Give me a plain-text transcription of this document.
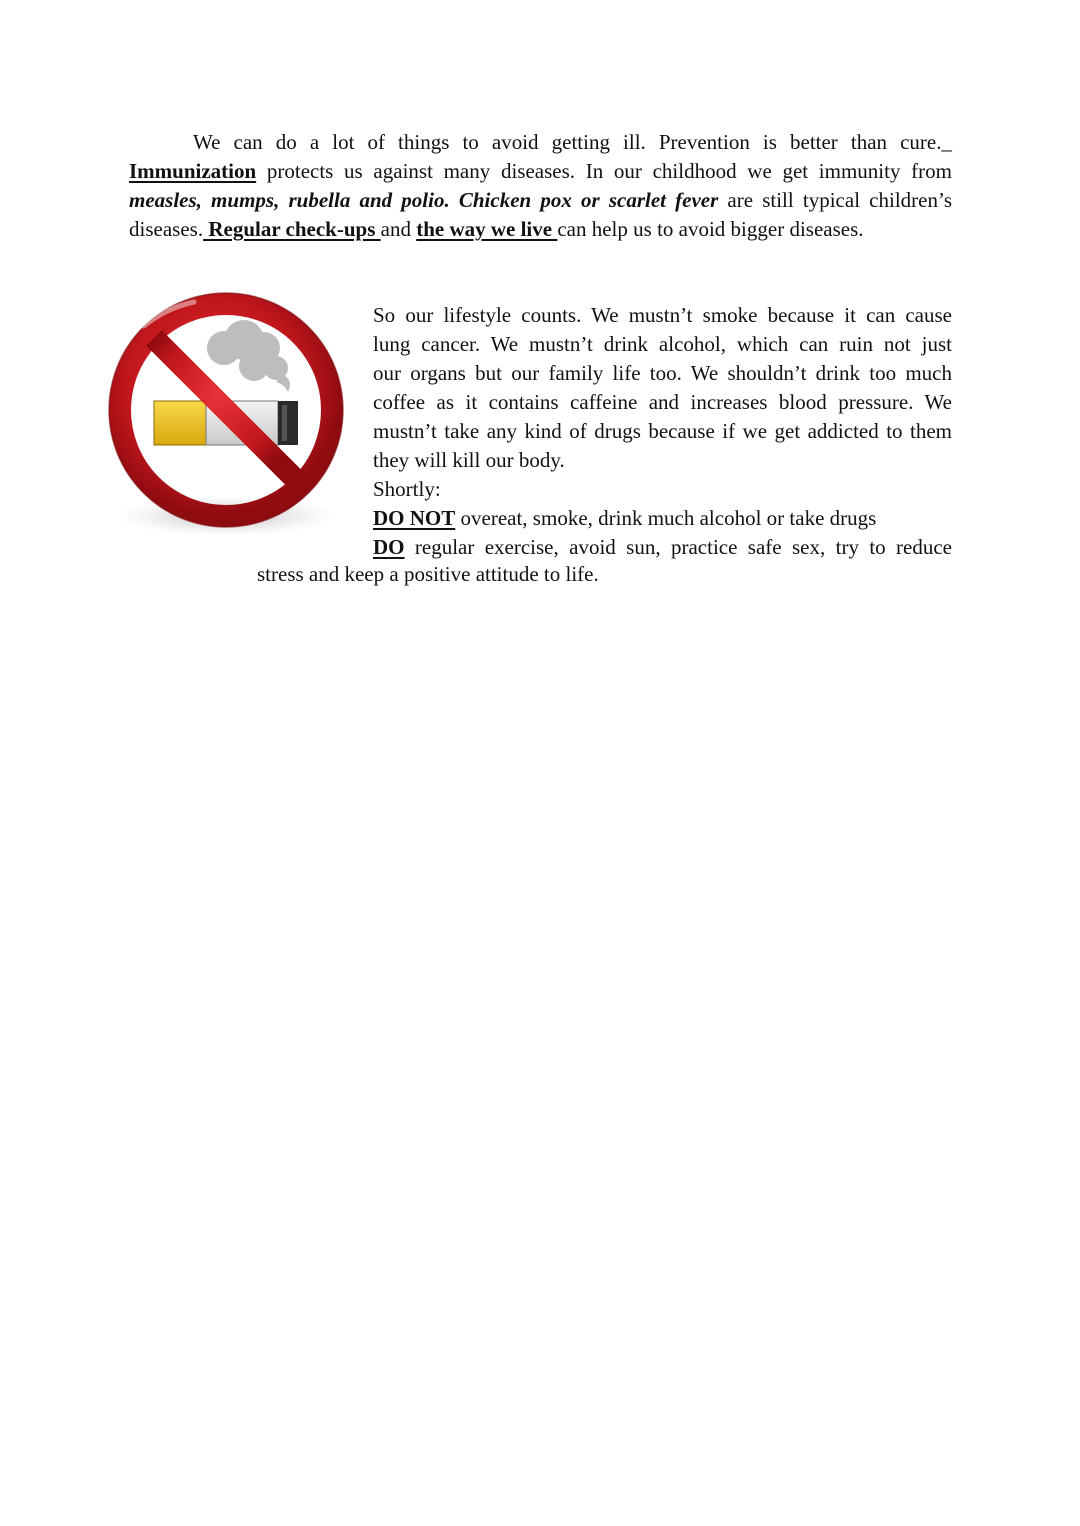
We can do a lot of things to avoid getting ill. Prevention is better than cure._ Immunization protects us against many diseases. In our childhood we get immunity from measles, mumps, rubella and polio. Chicken pox or scarlet fever are still typical children’s diseases. Regular check-ups and the way we live can help us to avoid bigger diseases.

So our lifestyle counts. We mustn’t smoke because it can cause
lung cancer. We mustn’t drink alcohol, which can ruin not just
our organs but our family life too. We shouldn’t drink too much
coffee as it contains caffeine and increases blood pressure. We
mustn’t take any kind of drugs because if we get addicted to them
they will kill our body.
Shortly:
DO NOT overeat, smoke, drink much alcohol or take drugs
DO regular exercise, avoid sun, practice safe sex, try to reduce

stress and keep a positive attitude to life.
